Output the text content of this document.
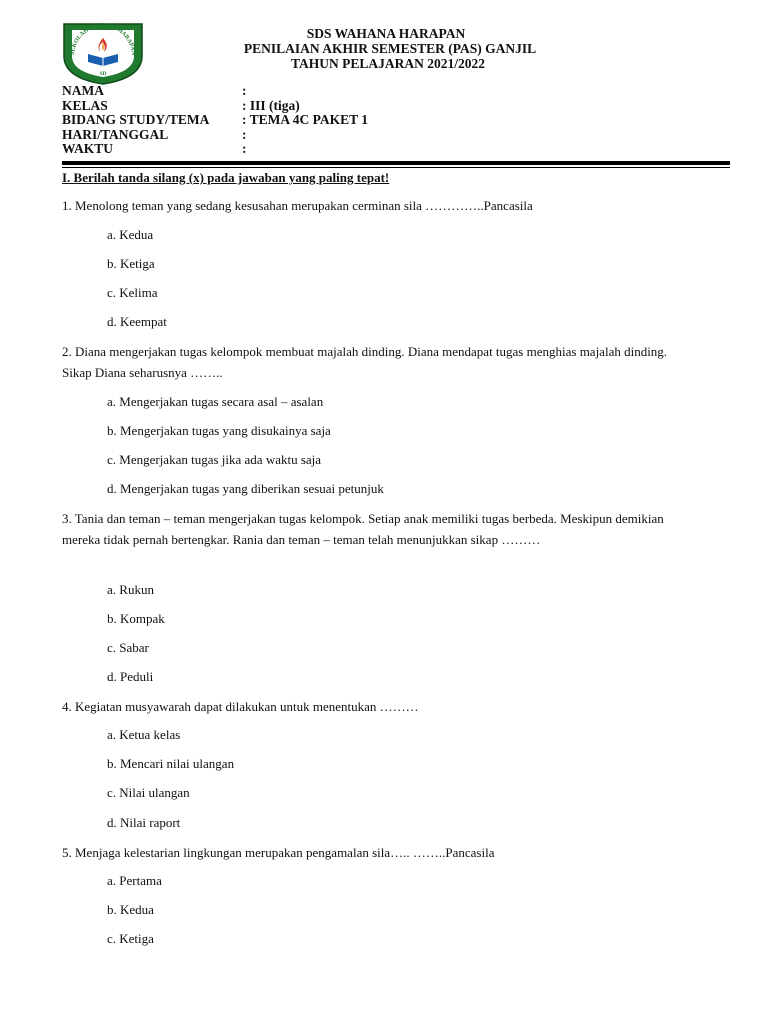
SEKOLAH WAHANA HARAPAN
SD
SDS WAHANA HARAPAN
PENILAIAN AKHIR SEMESTER (PAS) GANJIL
TAHUN PELAJARAN 2021/2022
NAMA	:
KELAS	: III (tiga)
BIDANG STUDY/TEMA : TEMA 4C PAKET 1
HARI/TANGGAL	:
WAKTU	:
I. Berilah tanda silang (x) pada jawaban yang paling tepat!
1. Menolong teman yang sedang kesusahan merupakan cerminan sila …………..Pancasila
a. Kedua
b. Ketiga
c. Kelima
d. Keempat
2. Diana mengerjakan tugas kelompok membuat majalah dinding. Diana mendapat tugas menghias majalah dinding. Sikap Diana seharusnya ……..
a. Mengerjakan tugas secara asal – asalan
b. Mengerjakan tugas yang disukainya saja
c. Mengerjakan tugas jika ada waktu saja
d. Mengerjakan tugas yang diberikan sesuai petunjuk
3. Tania dan teman – teman mengerjakan tugas kelompok. Setiap anak memiliki tugas berbeda. Meskipun demikian mereka tidak pernah bertengkar. Rania dan teman – teman telah menunjukkan sikap ………
a. Rukun
b. Kompak
c. Sabar
d. Peduli
4. Kegiatan musyawarah dapat dilakukan untuk menentukan ………
a. Ketua kelas
b. Mencari nilai ulangan
c. Nilai ulangan
d. Nilai raport
5. Menjaga kelestarian lingkungan merupakan pengamalan sila….. ……..Pancasila
a. Pertama
b. Kedua
c. Ketiga
